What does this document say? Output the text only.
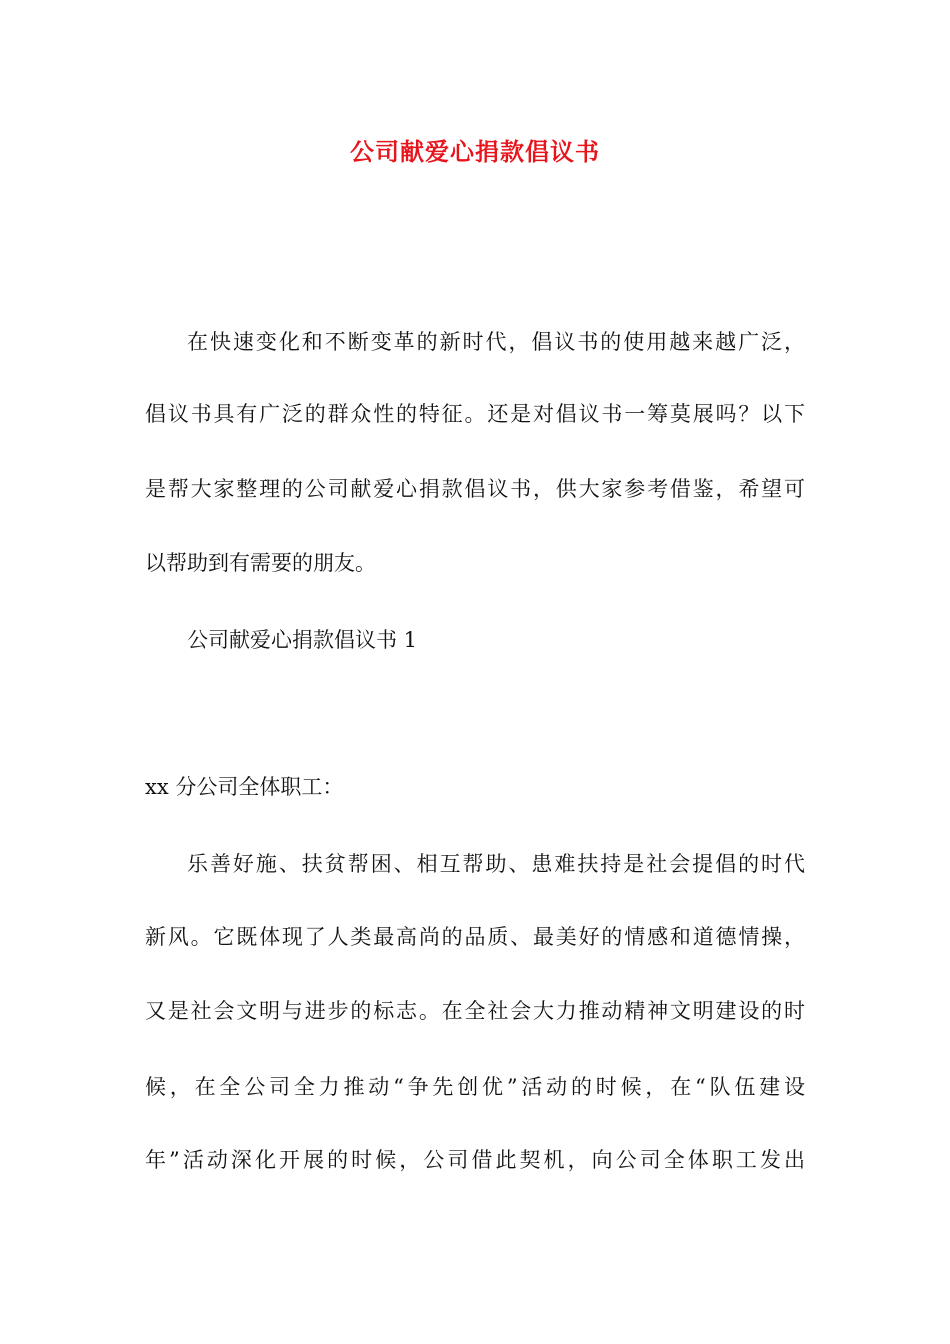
公司献爱心捐款倡议书
在快速变化和不断变革的新时代，倡议书的使用越来越广泛，
倡议书具有广泛的群众性的特征。还是对倡议书一筹莫展吗？以下
是帮大家整理的公司献爱心捐款倡议书，供大家参考借鉴，希望可
以帮助到有需要的朋友。
公司献爱心捐款倡议书 1
xx 分公司全体职工：
乐善好施、扶贫帮困、相互帮助、患难扶持是社会提倡的时代
新风。它既体现了人类最高尚的品质、最美好的情感和道德情操，
又是社会文明与进步的标志。在全社会大力推动精神文明建设的时
候，在全公司全力推动“争先创优”活动的时候，在“队伍建设
年”活动深化开展的时候，公司借此契机，向公司全体职工发出
